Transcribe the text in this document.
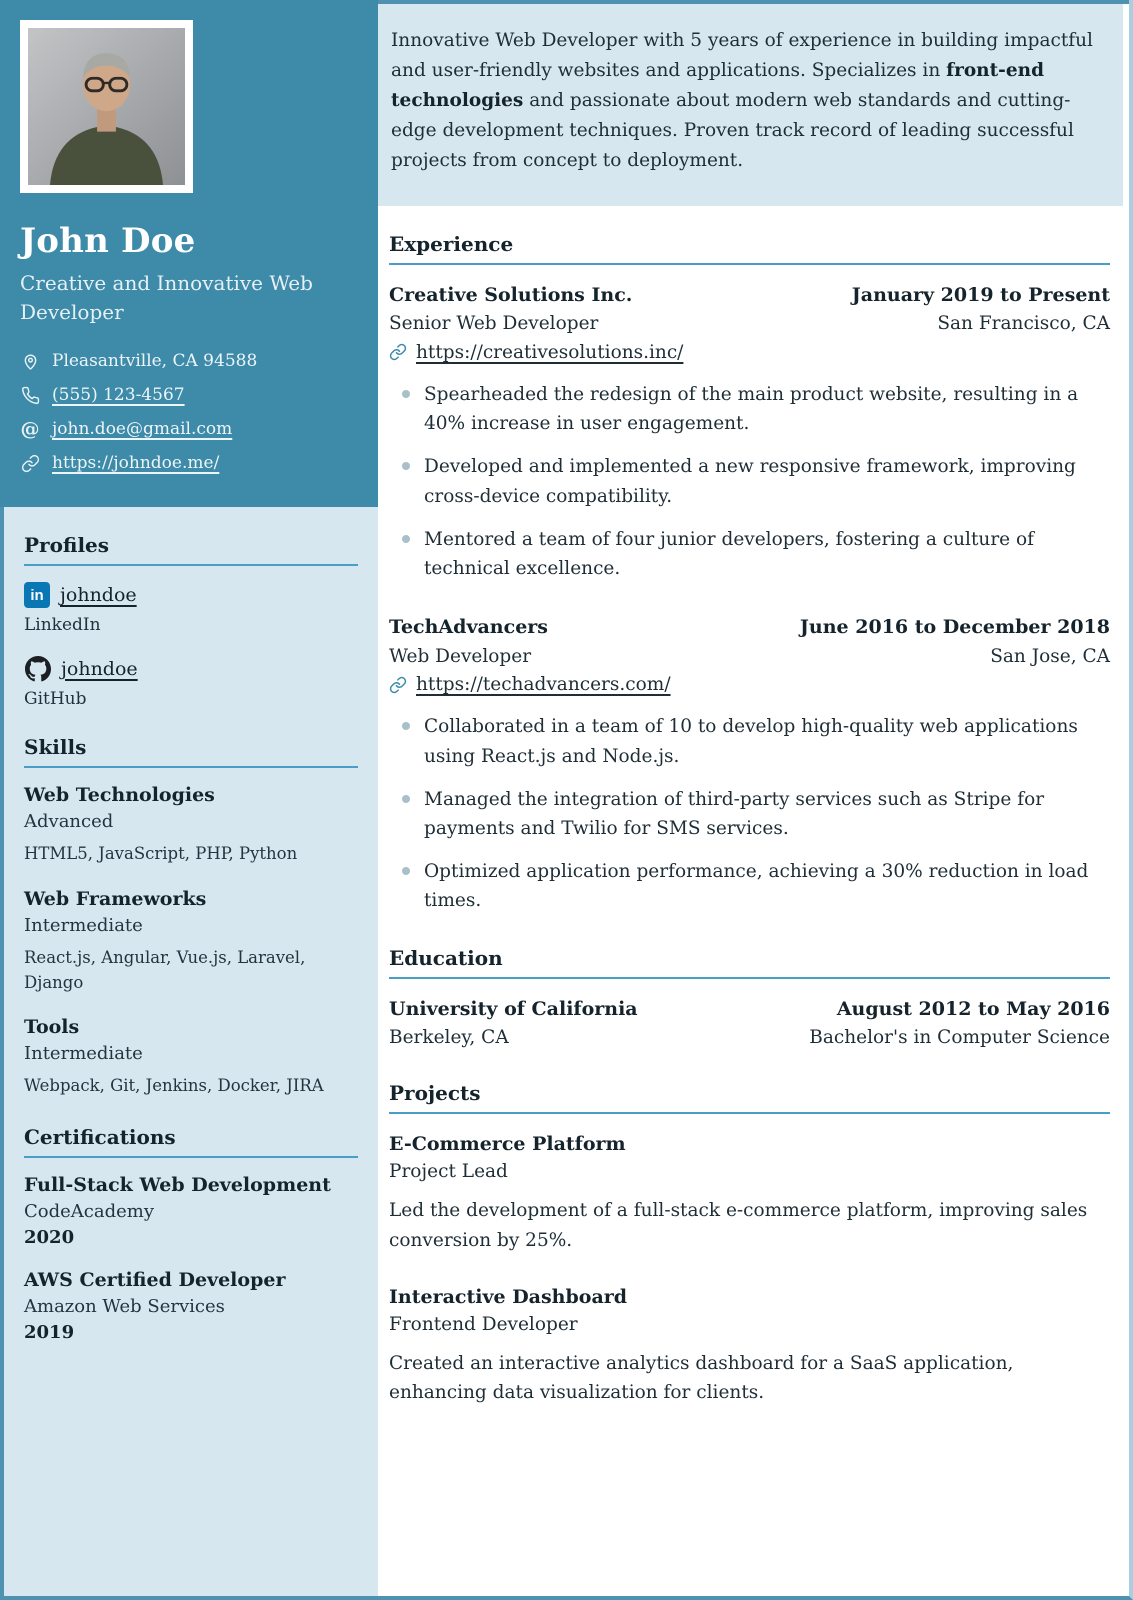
John Doe
Creative and Innovative Web Developer
Pleasantville, CA 94588
(555) 123-4567
@ john.doe@gmail.com
https://johndoe.me/
Profiles
in johndoe
LinkedIn
johndoe
GitHub
Skills
Web Technologies
Advanced
HTML5, JavaScript, PHP, Python
Web Frameworks
Intermediate
React.js, Angular, Vue.js, Laravel, Django
Tools
Intermediate
Webpack, Git, Jenkins, Docker, JIRA
Certifications
Full-Stack Web Development
CodeAcademy
2020
AWS Certified Developer
Amazon Web Services
2019
Innovative Web Developer with 5 years of experience in building impactful and user-friendly websites and applications. Specializes in front-end technologies and passionate about modern web standards and cutting-edge development techniques. Proven track record of leading successful projects from concept to deployment.
Experience
Creative Solutions Inc.	January 2019 to Present
Senior Web Developer	San Francisco, CA
https://creativesolutions.inc/
Spearheaded the redesign of the main product website, resulting in a 40% increase in user engagement.
Developed and implemented a new responsive framework, improving cross-device compatibility.
Mentored a team of four junior developers, fostering a culture of technical excellence.
TechAdvancers	June 2016 to December 2018
Web Developer	San Jose, CA
https://techadvancers.com/
Collaborated in a team of 10 to develop high-quality web applications using React.js and Node.js.
Managed the integration of third-party services such as Stripe for payments and Twilio for SMS services.
Optimized application performance, achieving a 30% reduction in load times.
Education
University of California	August 2012 to May 2016
Berkeley, CA	Bachelor's in Computer Science
Projects
E-Commerce Platform
Project Lead
Led the development of a full-stack e-commerce platform, improving sales conversion by 25%.
Interactive Dashboard
Frontend Developer
Created an interactive analytics dashboard for a SaaS application, enhancing data visualization for clients.
